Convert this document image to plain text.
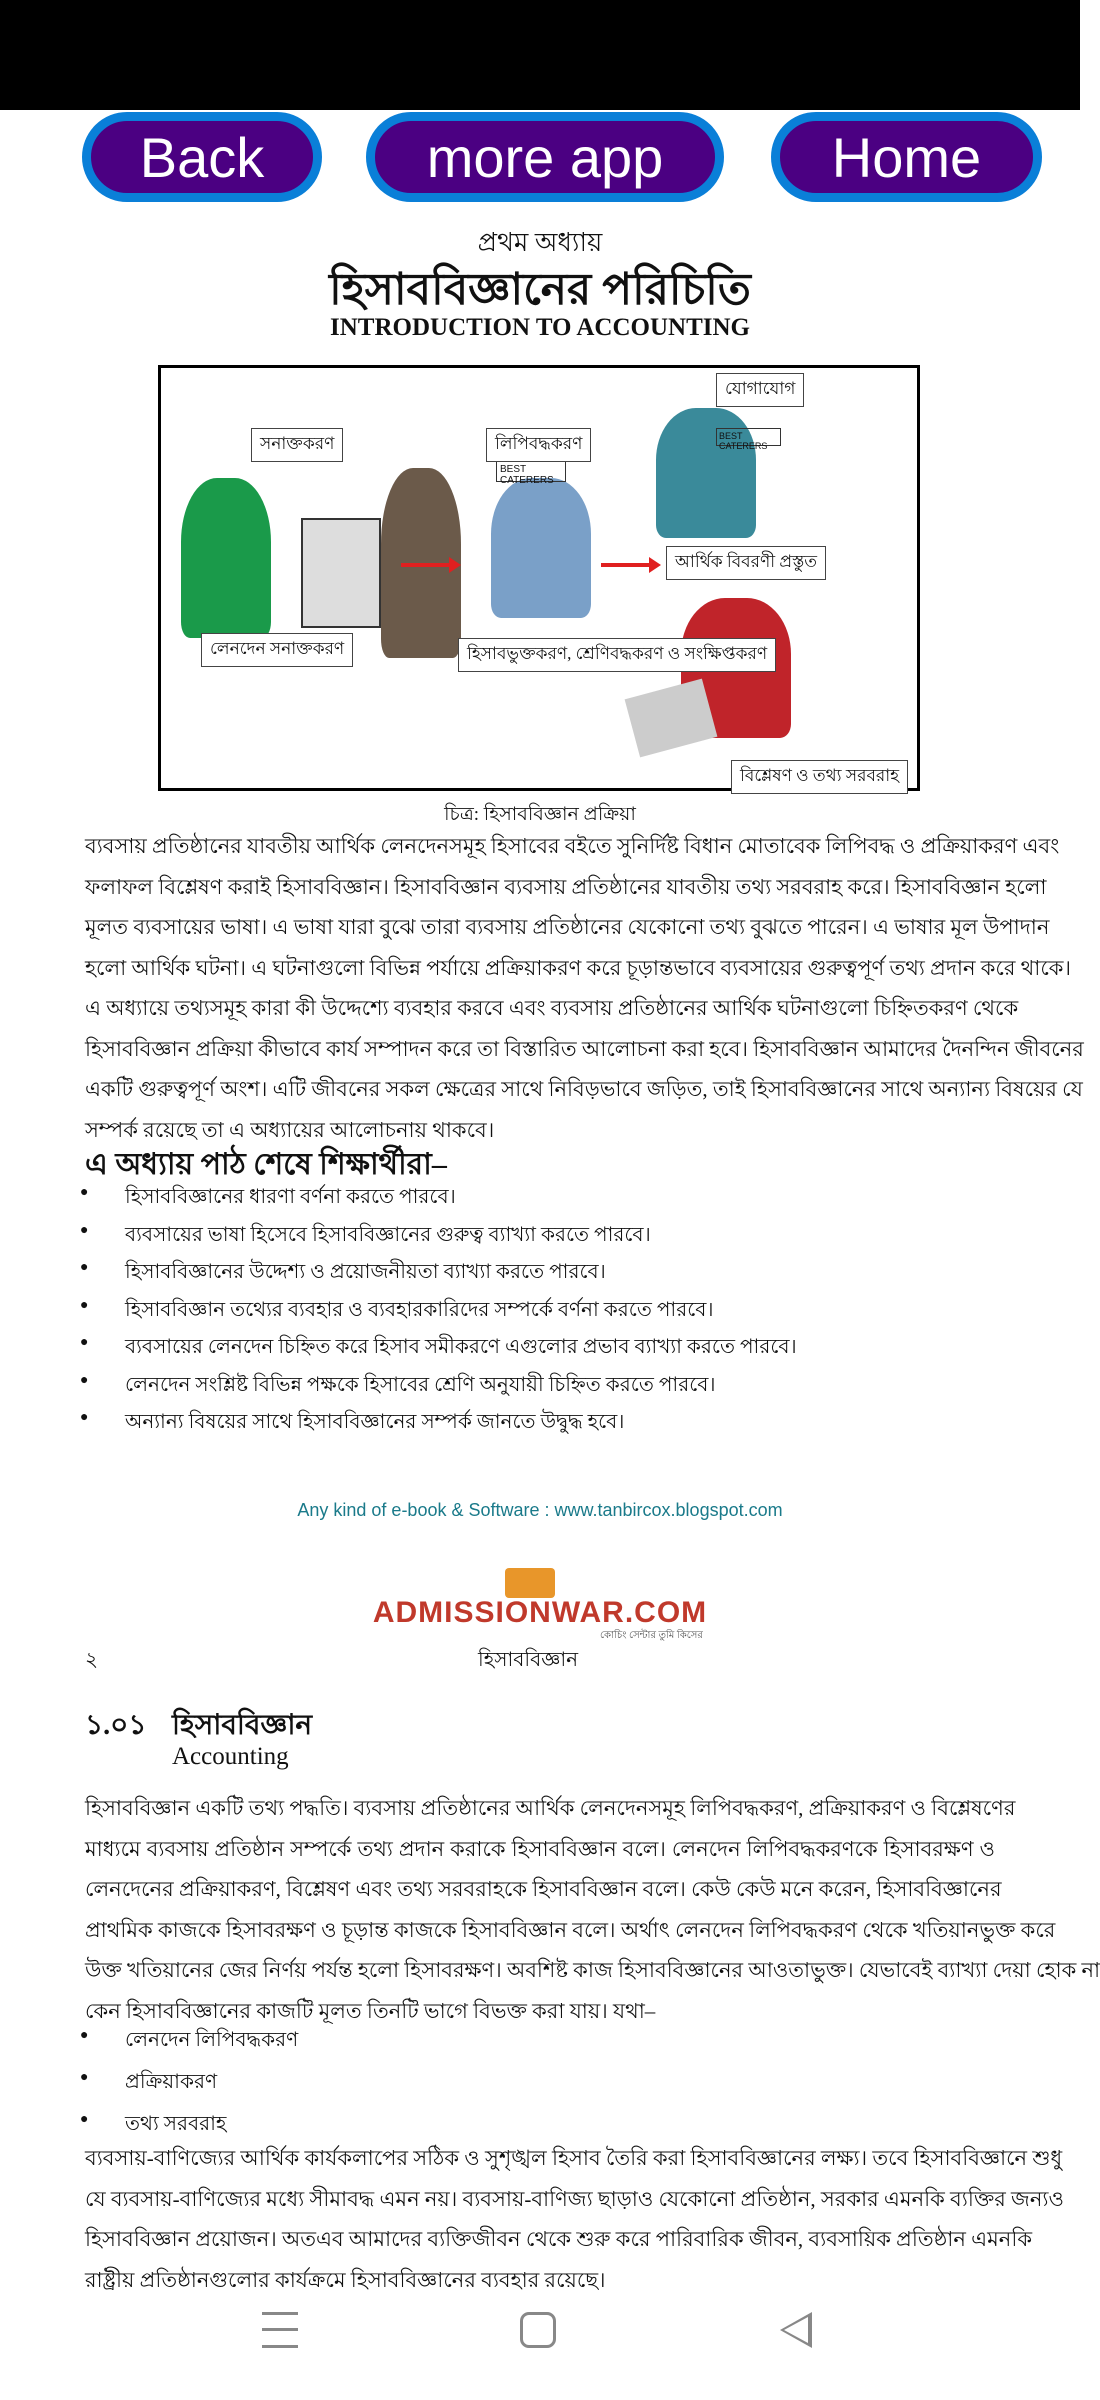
Back	more app	Home
প্রথম অধ্যায়
হিসাববিজ্ঞানের পরিচিতি
INTRODUCTION TO ACCOUNTING
BEST CATERERS
BEST CATERERS
সনাক্তকরণ	লিপিবদ্ধকরণ
যোগাযোগ
আর্থিক বিবরণী প্রস্তুত
লেনদেন সনাক্তকরণ	হিসাবভুক্তকরণ, শ্রেণিবদ্ধকরণ ও সংক্ষিপ্তকরণ
বিশ্লেষণ ও তথ্য সরবরাহ
চিত্র: হিসাববিজ্ঞান প্রক্রিয়া
ব্যবসায় প্রতিষ্ঠানের যাবতীয় আর্থিক লেনদেনসমূহ হিসাবের বইতে সুনির্দিষ্ট বিধান মোতাবেক লিপিবদ্ধ ও প্রক্রিয়াকরণ এবং
ফলাফল বিশ্লেষণ করাই হিসাববিজ্ঞান। হিসাববিজ্ঞান ব্যবসায় প্রতিষ্ঠানের যাবতীয় তথ্য সরবরাহ করে। হিসাববিজ্ঞান হলো
মূলত ব্যবসায়ের ভাষা। এ ভাষা যারা বুঝে তারা ব্যবসায় প্রতিষ্ঠানের যেকোনো তথ্য বুঝতে পারেন। এ ভাষার মূল উপাদান
হলো আর্থিক ঘটনা। এ ঘটনাগুলো বিভিন্ন পর্যায়ে প্রক্রিয়াকরণ করে চূড়ান্তভাবে ব্যবসায়ের গুরুত্বপূর্ণ তথ্য প্রদান করে থাকে।
এ অধ্যায়ে তথ্যসমূহ কারা কী উদ্দেশ্যে ব্যবহার করবে এবং ব্যবসায় প্রতিষ্ঠানের আর্থিক ঘটনাগুলো চিহ্নিতকরণ থেকে
হিসাববিজ্ঞান প্রক্রিয়া কীভাবে কার্য সম্পাদন করে তা বিস্তারিত আলোচনা করা হবে। হিসাববিজ্ঞান আমাদের দৈনন্দিন জীবনের
একটি গুরুত্বপূর্ণ অংশ। এটি জীবনের সকল ক্ষেত্রের সাথে নিবিড়ভাবে জড়িত, তাই হিসাববিজ্ঞানের সাথে অন্যান্য বিষয়ের যে
সম্পর্ক রয়েছে তা এ অধ্যায়ের আলোচনায় থাকবে।
এ অধ্যায় পাঠ শেষে শিক্ষার্থীরা–
● হিসাববিজ্ঞানের ধারণা বর্ণনা করতে পারবে।
● ব্যবসায়ের ভাষা হিসেবে হিসাববিজ্ঞানের গুরুত্ব ব্যাখ্যা করতে পারবে।
● হিসাববিজ্ঞানের উদ্দেশ্য ও প্রয়োজনীয়তা ব্যাখ্যা করতে পারবে।
● হিসাববিজ্ঞান তথ্যের ব্যবহার ও ব্যবহারকারিদের সম্পর্কে বর্ণনা করতে পারবে।
● ব্যবসায়ের লেনদেন চিহ্নিত করে হিসাব সমীকরণে এগুলোর প্রভাব ব্যাখ্যা করতে পারবে।
● লেনদেন সংশ্লিষ্ট বিভিন্ন পক্ষকে হিসাবের শ্রেণি অনুযায়ী চিহ্নিত করতে পারবে।
● অন্যান্য বিষয়ের সাথে হিসাববিজ্ঞানের সম্পর্ক জানতে উদ্বুদ্ধ হবে।
Any kind of e-book & Software : www.tanbircox.blogspot.com
ADMISSIONWAR.COM
কোচিং সেন্টার তুমি কিসের
২	হিসাববিজ্ঞান
১.০১ হিসাববিজ্ঞান
Accounting
হিসাববিজ্ঞান একটি তথ্য পদ্ধতি। ব্যবসায় প্রতিষ্ঠানের আর্থিক লেনদেনসমূহ লিপিবদ্ধকরণ, প্রক্রিয়াকরণ ও বিশ্লেষণের
মাধ্যমে ব্যবসায় প্রতিষ্ঠান সম্পর্কে তথ্য প্রদান করাকে হিসাববিজ্ঞান বলে। লেনদেন লিপিবদ্ধকরণকে হিসাবরক্ষণ ও
লেনদেনের প্রক্রিয়াকরণ, বিশ্লেষণ এবং তথ্য সরবরাহকে হিসাববিজ্ঞান বলে। কেউ কেউ মনে করেন, হিসাববিজ্ঞানের
প্রাথমিক কাজকে হিসাবরক্ষণ ও চূড়ান্ত কাজকে হিসাববিজ্ঞান বলে। অর্থাৎ লেনদেন লিপিবদ্ধকরণ থেকে খতিয়ানভুক্ত করে
উক্ত খতিয়ানের জের নির্ণয় পর্যন্ত হলো হিসাবরক্ষণ। অবশিষ্ট কাজ হিসাববিজ্ঞানের আওতাভুক্ত। যেভাবেই ব্যাখ্যা দেয়া হোক না
কেন হিসাববিজ্ঞানের কাজটি মূলত তিনটি ভাগে বিভক্ত করা যায়। যথা–
ব্যবসায়-বাণিজ্যের আর্থিক কার্যকলাপের সঠিক ও সুশৃঙ্খল হিসাব তৈরি করা হিসাববিজ্ঞানের লক্ষ্য। তবে হিসাববিজ্ঞানে শুধু
যে ব্যবসায়-বাণিজ্যের মধ্যে সীমাবদ্ধ এমন নয়। ব্যবসায়-বাণিজ্য ছাড়াও যেকোনো প্রতিষ্ঠান, সরকার এমনকি ব্যক্তির জন্যও
হিসাববিজ্ঞান প্রয়োজন। অতএব আমাদের ব্যক্তিজীবন থেকে শুরু করে পারিবারিক জীবন, ব্যবসায়িক প্রতিষ্ঠান এমনকি
রাষ্ট্রীয় প্রতিষ্ঠানগুলোর কার্যক্রমে হিসাববিজ্ঞানের ব্যবহার রয়েছে।
● লেনদেন লিপিবদ্ধকরণ
● প্রক্রিয়াকরণ
● তথ্য সরবরাহ
